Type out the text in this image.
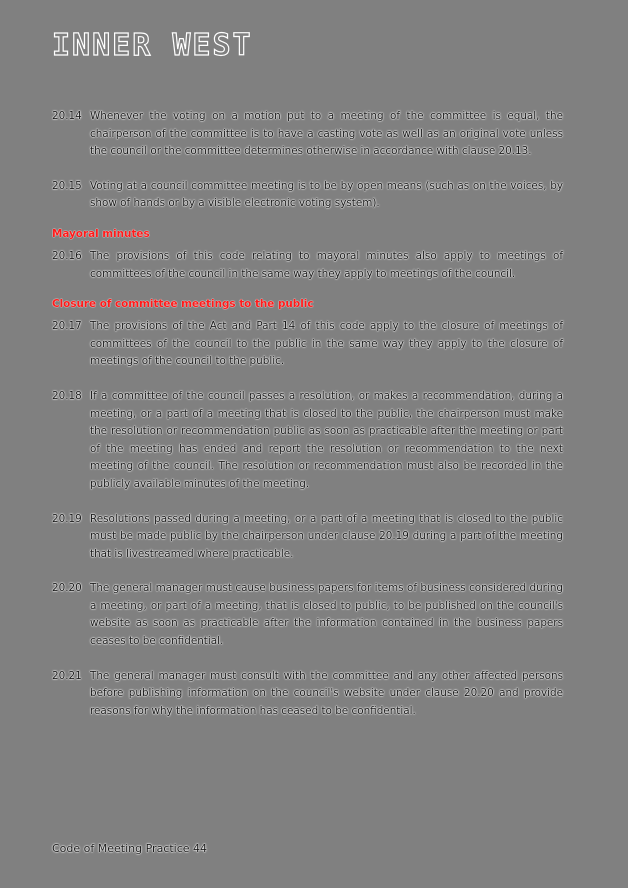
INNER WEST
20.14 Whenever the voting on a motion put to a meeting of the committee is equal, the chairperson of the committee is to have a casting vote as well as an original vote unless the council or the committee determines otherwise in accordance with clause 20.13.
20.15 Voting at a council committee meeting is to be by open means (such as on the voices, by show of hands or by a visible electronic voting system).
Mayoral minutes
20.16 The provisions of this code relating to mayoral minutes also apply to meetings of committees of the council in the same way they apply to meetings of the council.
Closure of committee meetings to the public
20.17 The provisions of the Act and Part 14 of this code apply to the closure of meetings of committees of the council to the public in the same way they apply to the closure of meetings of the council to the public.
20.18 If a committee of the council passes a resolution, or makes a recommendation, during a meeting, or a part of a meeting that is closed to the public, the chairperson must make the resolution or recommendation public as soon as practicable after the meeting or part of the meeting has ended and report the resolution or recommendation to the next meeting of the council. The resolution or recommendation must also be recorded in the publicly available minutes of the meeting.
20.19 Resolutions passed during a meeting, or a part of a meeting that is closed to the public must be made public by the chairperson under clause 20.19 during a part of the meeting that is livestreamed where practicable.
20.20 The general manager must cause business papers for items of business considered during a meeting, or part of a meeting, that is closed to public, to be published on the council's website as soon as practicable after the information contained in the business papers ceases to be confidential.
20.21 The general manager must consult with the committee and any other affected persons before publishing information on the council's website under clause 20.20 and provide reasons for why the information has ceased to be confidential.
Code of Meeting Practice 44
